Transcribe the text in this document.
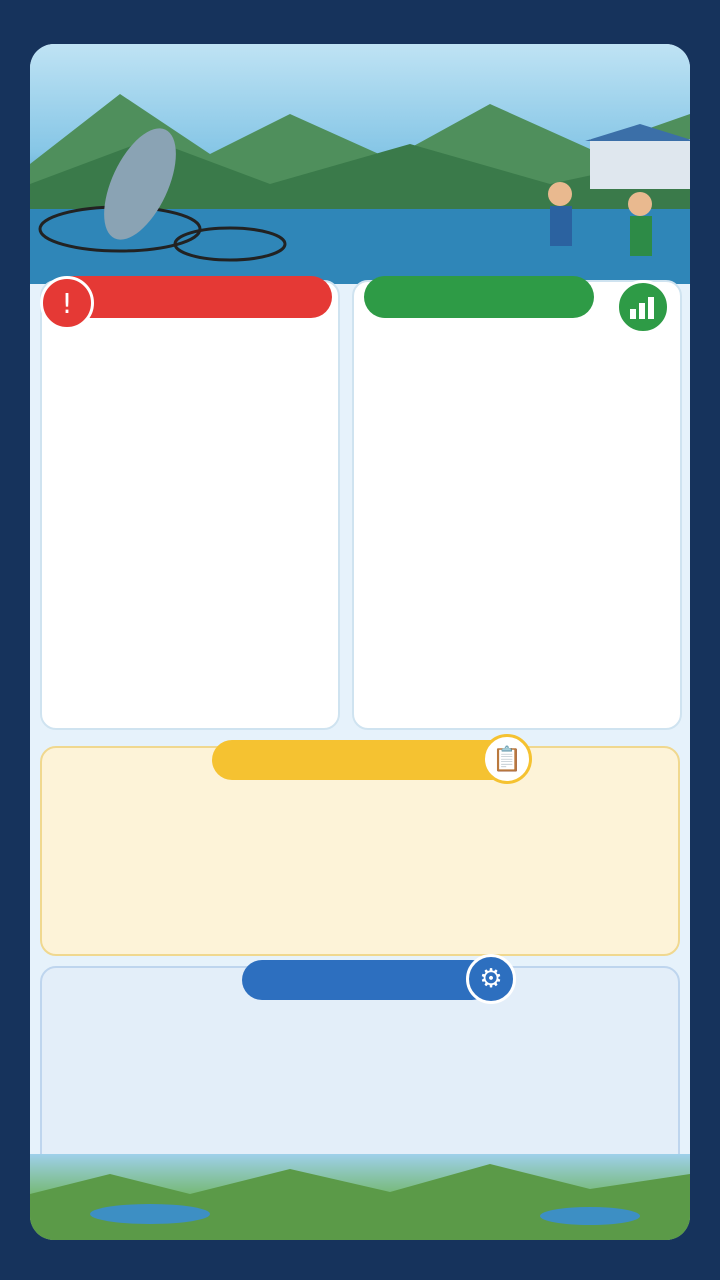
!
📋
⚙
